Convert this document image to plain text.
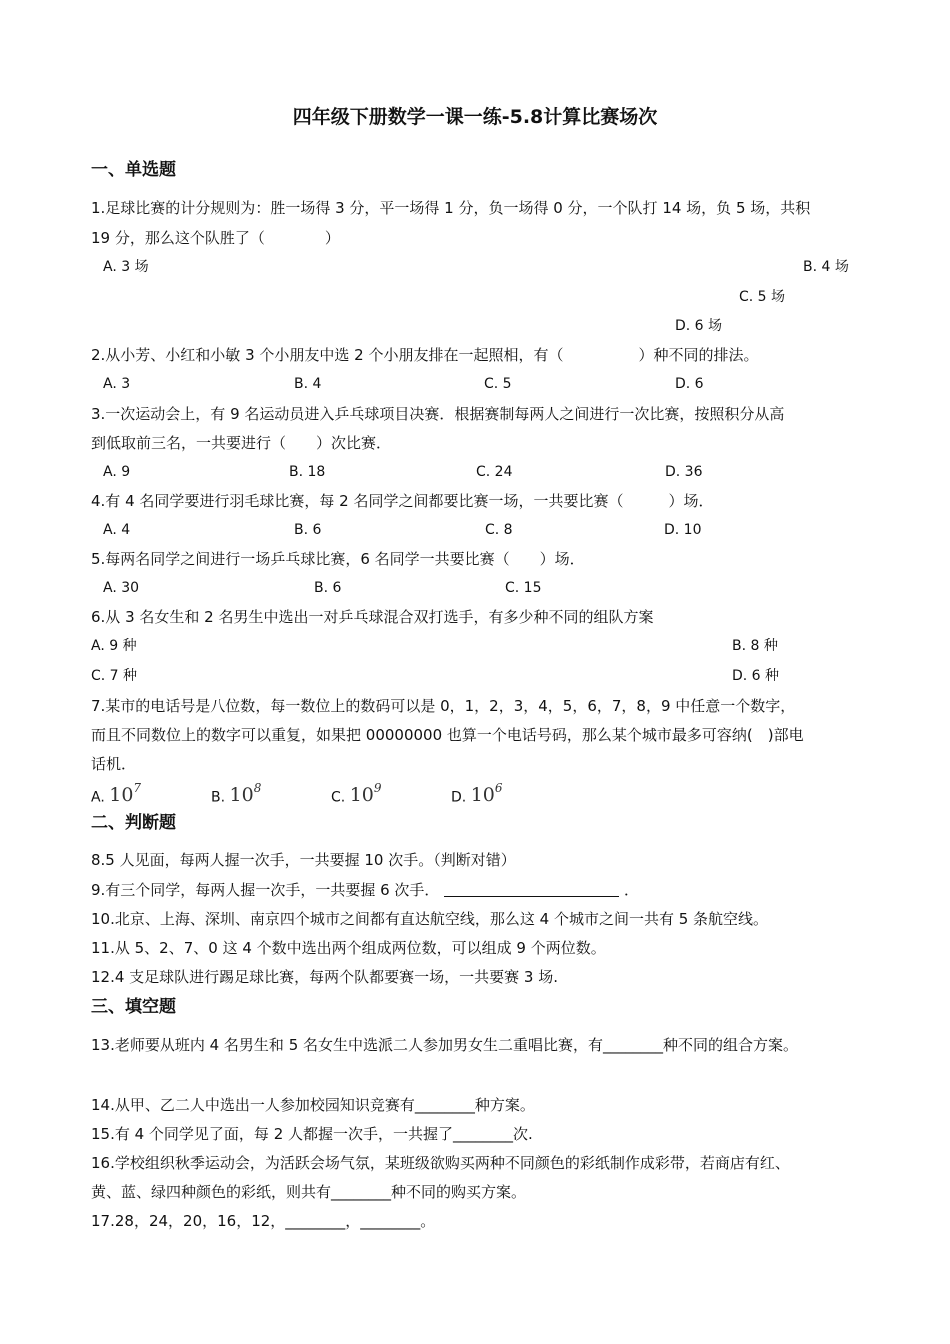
四年级下册数学一课一练-5.8计算比赛场次
一、单选题
1.足球比赛的计分规则为：胜一场得 3 分，平一场得 1 分，负一场得 0 分，一个队打 14 场，负 5 场，共积
19 分，那么这个队胜了（　　　　）
A. 3 场	B. 4 场
C. 5 场
D. 6 场
2.从小芳、小红和小敏 3 个小朋友中选 2 个小朋友排在一起照相，有（　　　　　）种不同的排法。
A. 3	B. 4	C. 5	D. 6
3.一次运动会上，有 9 名运动员进入乒乓球项目决赛．根据赛制每两人之间进行一次比赛，按照积分从高
到低取前三名，一共要进行（　　）次比赛．
A. 9	B. 18	C. 24	D. 36
4.有 4 名同学要进行羽毛球比赛，每 2 名同学之间都要比赛一场，一共要比赛（　　　）场．
A. 4	B. 6	C. 8	D. 10
5.每两名同学之间进行一场乒乓球比赛，6 名同学一共要比赛（　　）场．
A. 30	B. 6	C. 15
6.从 3 名女生和 2 名男生中选出一对乒乓球混合双打选手，有多少种不同的组队方案
A. 9 种	B. 8 种
C. 7 种	D. 6 种
7.某市的电话号是八位数，每一数位上的数码可以是 0，1，2，3，4，5，6，7，8，9 中任意一个数字，
而且不同数位上的数字可以重复，如果把 00000000 也算一个电话号码，那么某个城市最多可容纳(　)部电
话机．
A. $10^7$
B. $10^8$
C. $10^9$
D. $10^6$
二、判断题
8.5 人见面，每两人握一次手，一共要握 10 次手。（判断对错）
9.有三个同学，每两人握一次手，一共要握 6 次手．	．
10.北京、上海、深圳、南京四个城市之间都有直达航空线，那么这 4 个城市之间一共有 5 条航空线。
11.从 5、2、7、0 这 4 个数中选出两个组成两位数，可以组成 9 个两位数。
12.4 支足球队进行踢足球比赛，每两个队都要赛一场，一共要赛 3 场.
三、填空题
13.老师要从班内 4 名男生和 5 名女生中选派二人参加男女生二重唱比赛，有________种不同的组合方案。
14.从甲、乙二人中选出一人参加校园知识竞赛有________种方案。
15.有 4 个同学见了面，每 2 人都握一次手，一共握了________次.
16.学校组织秋季运动会，为活跃会场气氛，某班级欲购买两种不同颜色的彩纸制作成彩带，若商店有红、
黄、蓝、绿四种颜色的彩纸，则共有________种不同的购买方案。
17.28，24，20，16，12，________，________。
